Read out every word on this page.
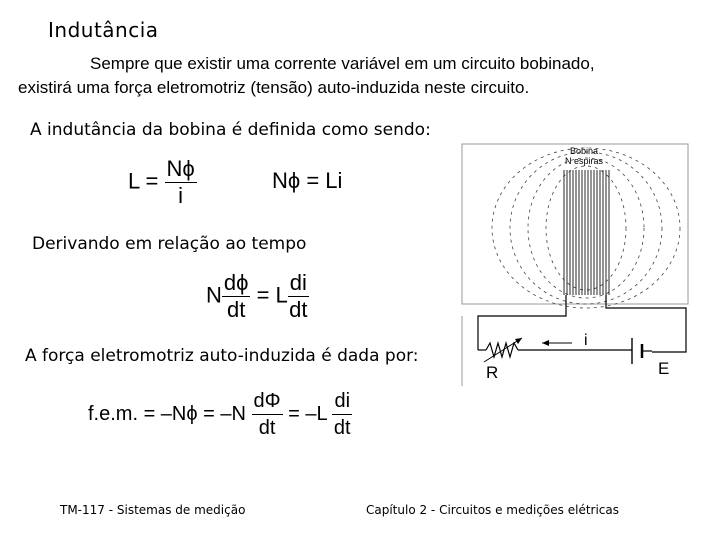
Indutância
Sempre que existir uma corrente variável em um circuito bobinado,
existirá uma força eletromotriz (tensão) auto-induzida neste circuito.
A indutância da bobina é definida como sendo:
$L = \frac{N\phi}{i}$	Nϕ = Li
Derivando em relação ao tempo
N $\frac{d\phi}{dt} = L \frac{di}{dt}$
A força eletromotriz auto-induzida é dada por:
f.e.m. = $-N\phi = -N \frac{d\Phi}{dt} = -L \frac{di}{dt}$
Bobina
N espiras
i
R	E
TM-117 - Sistemas de medição	Capítulo 2 - Circuitos e medições elétricas
